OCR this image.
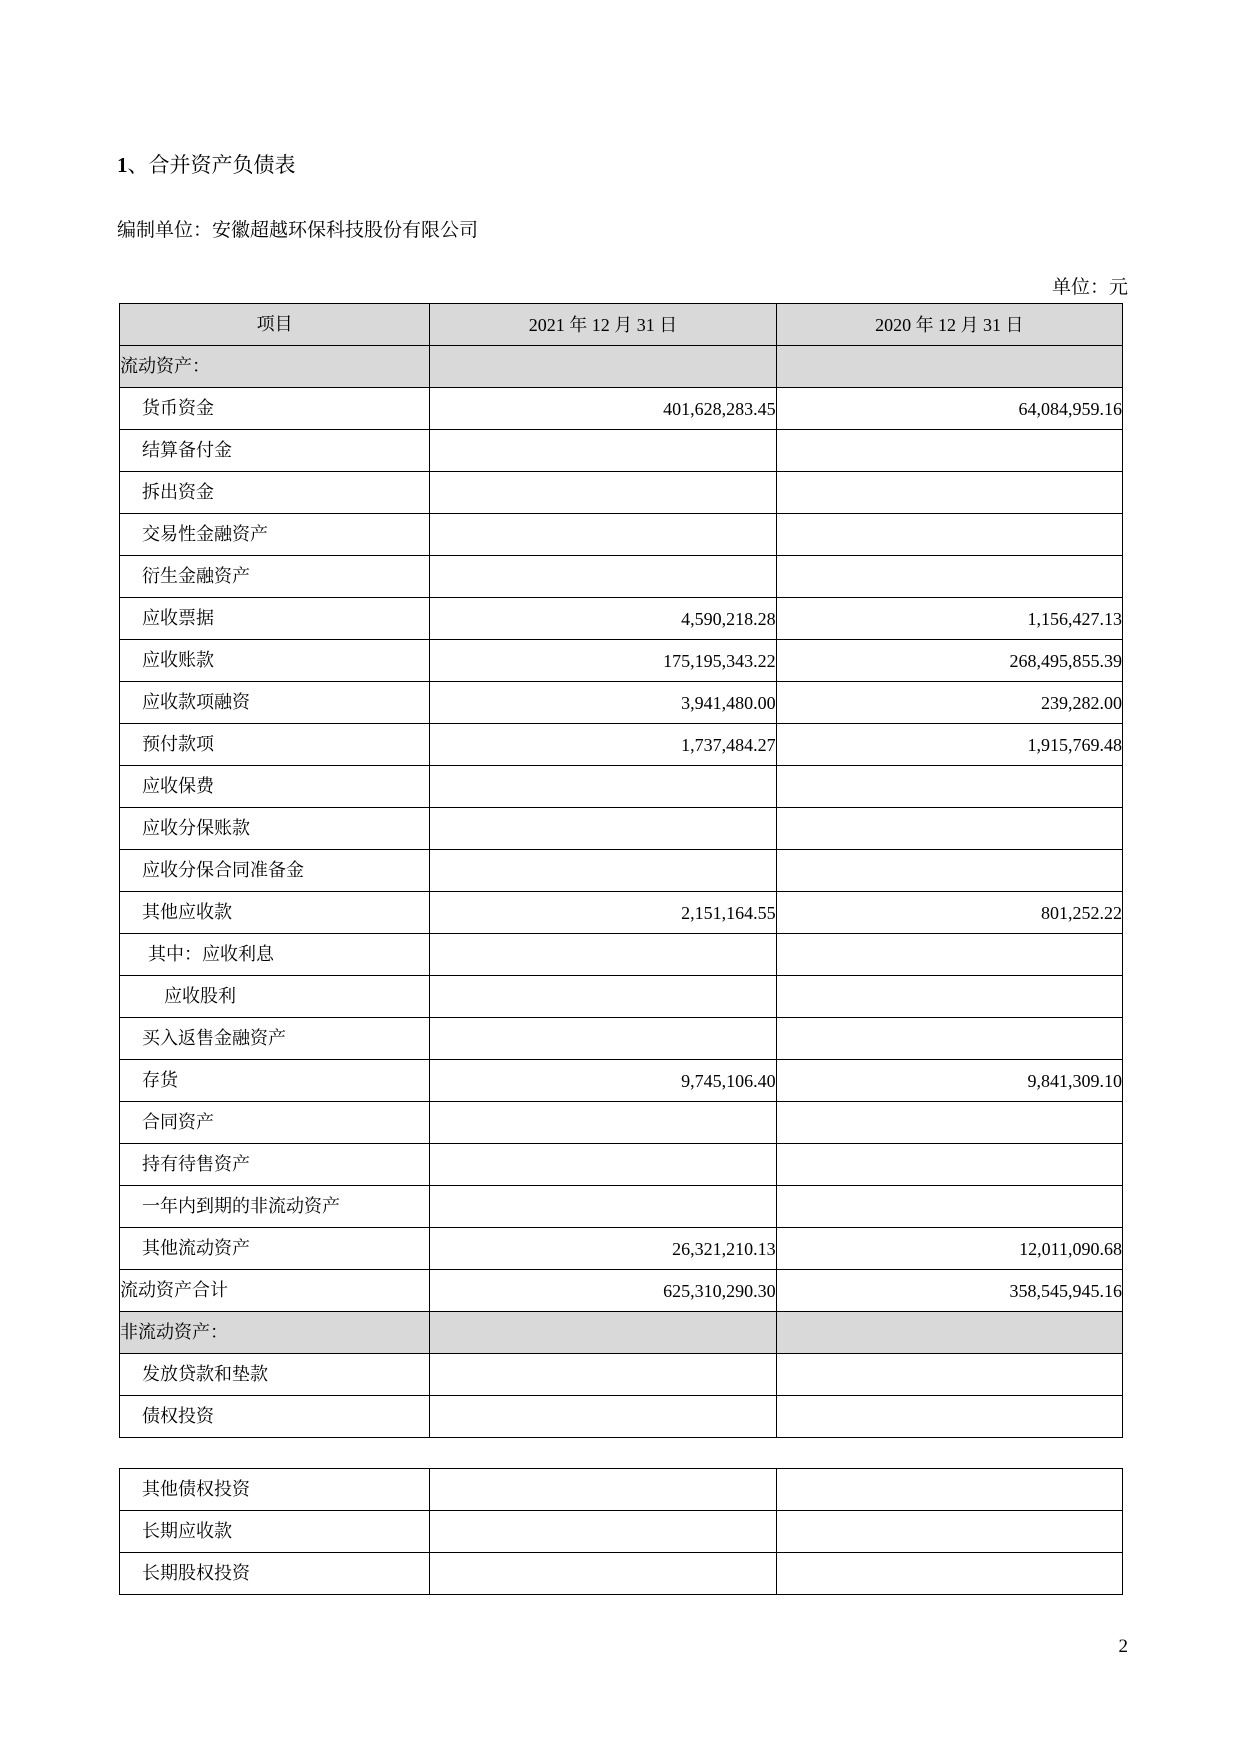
1、合并资产负债表
编制单位：安徽超越环保科技股份有限公司
单位：元
项目	2021 年 12 月 31 日	2020 年 12 月 31 日
流动资产：		
货币资金	401,628,283.45	64,084,959.16
结算备付金		
拆出资金		
交易性金融资产		
衍生金融资产		
应收票据	4,590,218.28	1,156,427.13
应收账款	175,195,343.22	268,495,855.39
应收款项融资	3,941,480.00	239,282.00
预付款项	1,737,484.27	1,915,769.48
应收保费		
应收分保账款		
应收分保合同准备金		
其他应收款	2,151,164.55	801,252.22
其中：应收利息		
应收股利		
买入返售金融资产		
存货	9,745,106.40	9,841,309.10
合同资产		
持有待售资产		
一年内到期的非流动资产		
其他流动资产	26,321,210.13	12,011,090.68
流动资产合计	625,310,290.30	358,545,945.16
非流动资产：		
发放贷款和垫款		
债权投资		
其他债权投资		
长期应收款		
长期股权投资		
2
